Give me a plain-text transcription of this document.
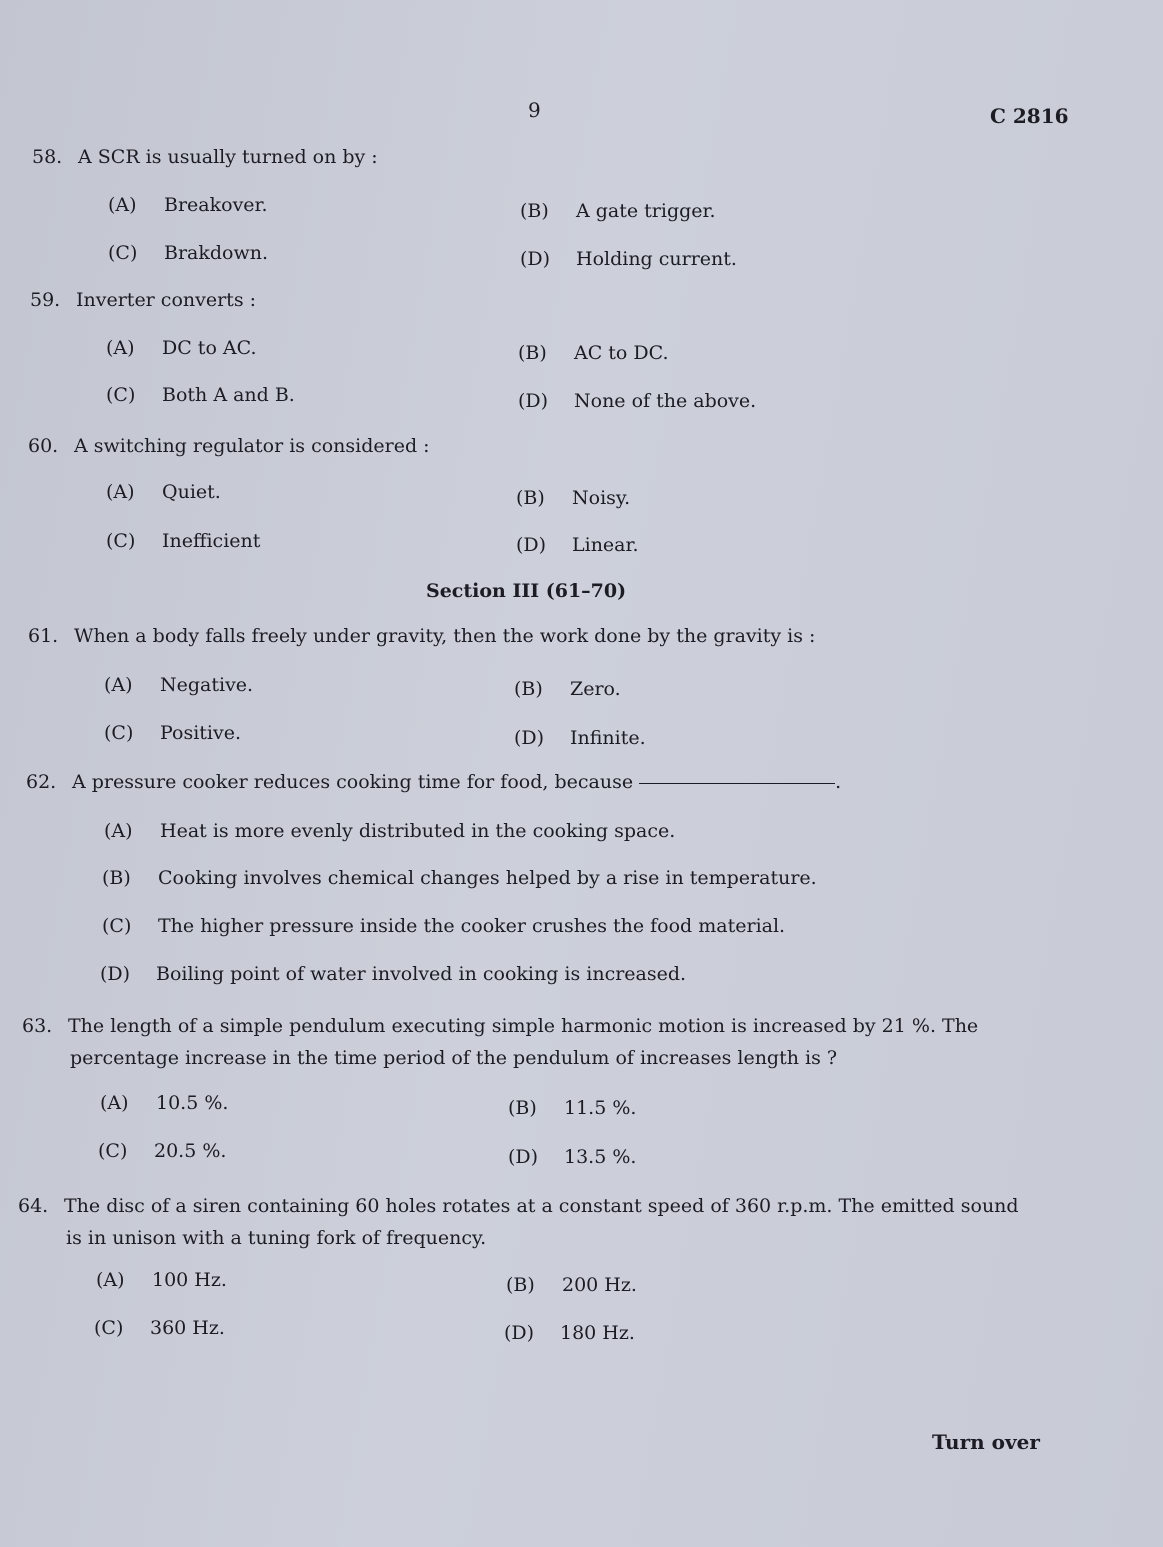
9	C 2816
58. A SCR is usually turned on by :
(A) Breakover.	(B) A gate trigger.
(C) Brakdown.	(D) Holding current.
59. Inverter converts :
(A) DC to AC.	(B) AC to DC.
(C) Both A and B.	(D) None of the above.
60. A switching regulator is considered :
(A) Quiet.	(B) Noisy.
(C) Inefficient	(D) Linear.
Section III (61–70)
61. When a body falls freely under gravity, then the work done by the gravity is :
(A) Negative.	(B) Zero.
(C) Positive.	(D) Infinite.
62. A pressure cooker reduces cooking time for food, because	.
(A) Heat is more evenly distributed in the cooking space.
(B) Cooking involves chemical changes helped by a rise in temperature.
(C) The higher pressure inside the cooker crushes the food material.
(D) Boiling point of water involved in cooking is increased.
63. The length of a simple pendulum executing simple harmonic motion is increased by 21 %. The
percentage increase in the time period of the pendulum of increases length is ?
(A) 10.5 %.	(B) 11.5 %.
(C) 20.5 %.	(D) 13.5 %.
64. The disc of a siren containing 60 holes rotates at a constant speed of 360 r.p.m. The emitted sound
is in unison with a tuning fork of frequency.
(A) 100 Hz.	(B) 200 Hz.
(C) 360 Hz.	(D) 180 Hz.
Turn over
